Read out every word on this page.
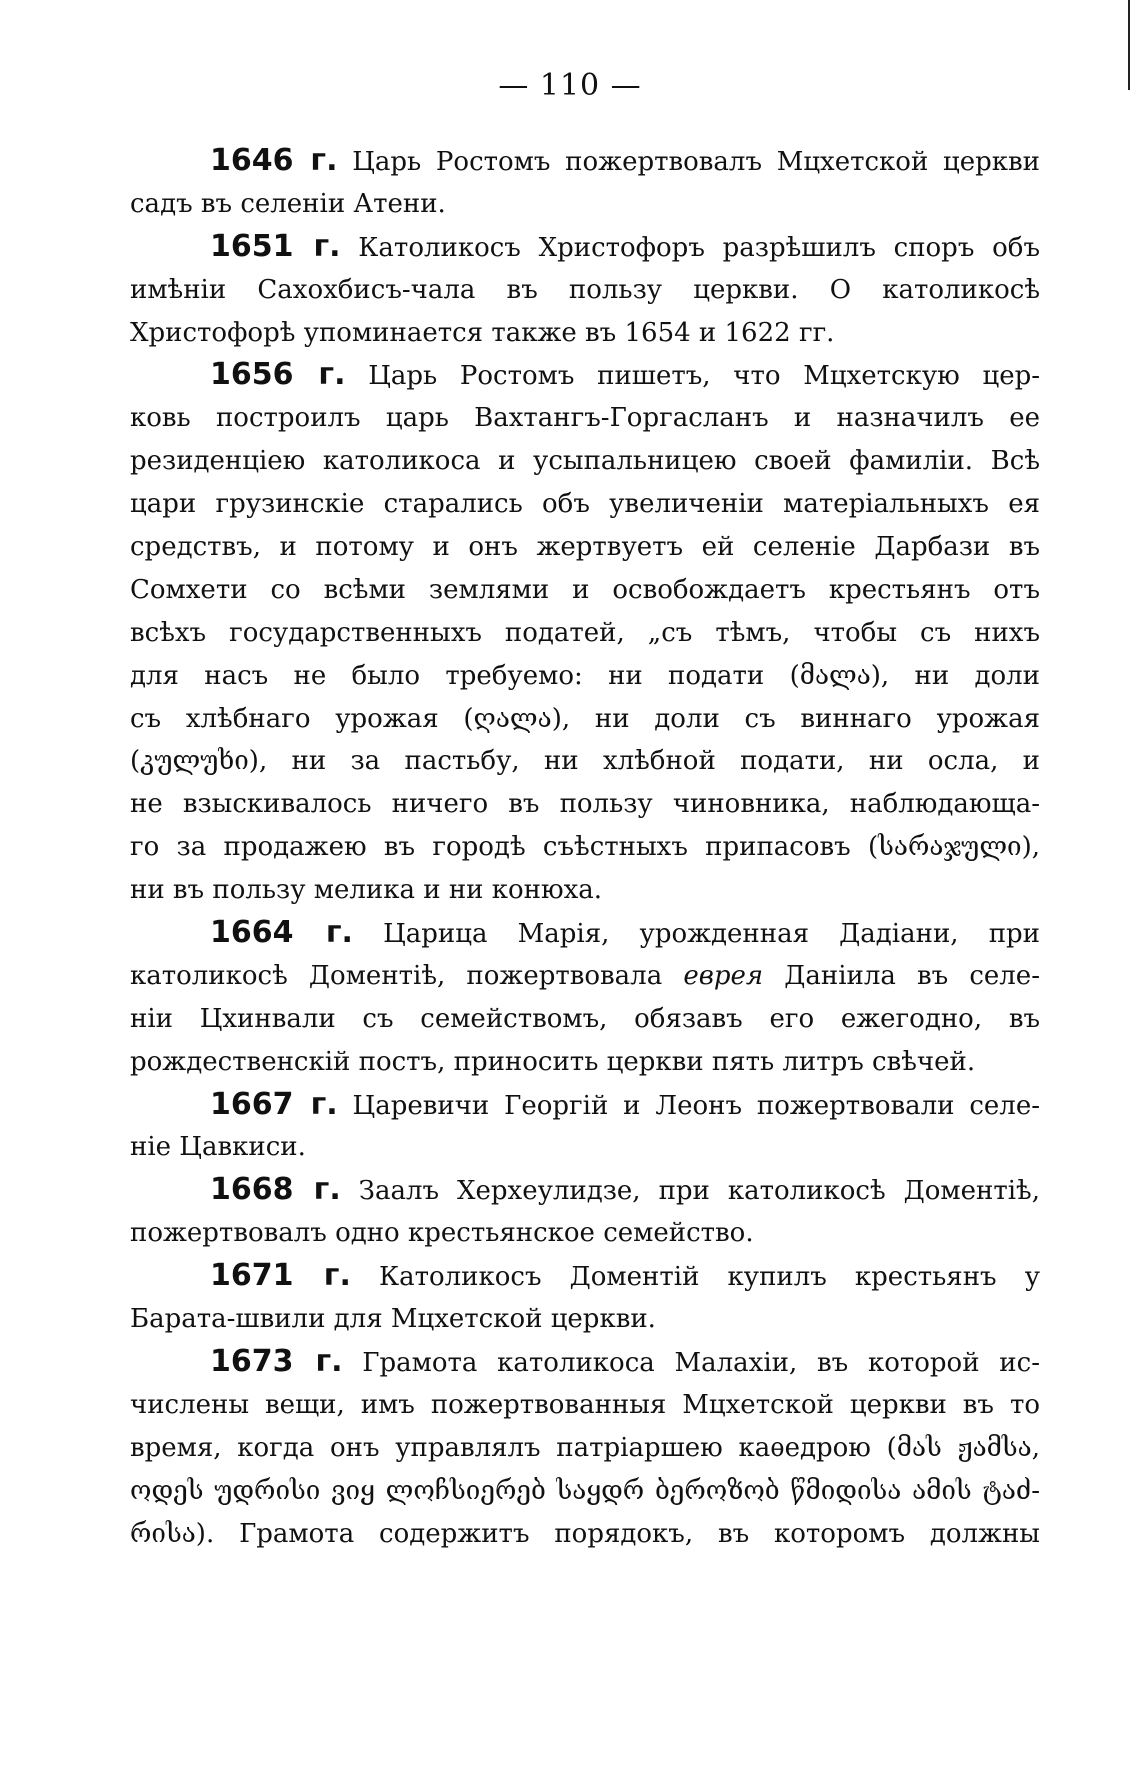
— 110 —
1646 г. Царь Ростомъ пожертвовалъ Мцхетской церкви
садъ въ селеніи Атени.
1651 г. Католикосъ Христофоръ разрѣшилъ споръ объ
имѣніи Сахохбисъ-чала въ пользу церкви. О католикосѣ
Христофорѣ упоминается также въ 1654 и 1622 гг.
1656 г. Царь Ростомъ пишетъ, что Мцхетскую цер-
ковь построилъ царь Вахтангъ-Горгасланъ и назначилъ ее
резиденціею католикоса и усыпальницею своей фамиліи. Всѣ
цари грузинскіе старались объ увеличеніи матеріальныхъ ея
средствъ, и потому и онъ жертвуетъ ей селеніе Дарбази въ
Сомхети со всѣми землями и освобождаетъ крестьянъ отъ
всѣхъ государственныхъ податей, „съ тѣмъ, чтобы съ нихъ
для насъ не было требуемо: ни подати (მალა), ни доли
съ хлѣбнаго урожая (ღალა), ни доли съ виннаго урожая
(კულუხი), ни за пастьбу, ни хлѣбной подати, ни осла, и
не взыскивалось ничего въ пользу чиновника, наблюдающа-
го за продажею въ городѣ съѣстныхъ припасовъ (სარაჯული),
ни въ пользу мелика и ни конюха.
1664 г. Царица Марія, урожденная Дадіани, при
католикосѣ Доментіѣ, пожертвовала еврея Даніила въ селе-
ніи Цхинвали съ семействомъ, обязавъ его ежегодно, въ
рождественскій постъ, приносить церкви пять литръ свѣчей.
1667 г. Царевичи Георгій и Леонъ пожертвовали селе-
ніе Цавкиси.
1668 г. Заалъ Херхеулидзе, при католикосѣ Доментіѣ,
пожертвовалъ одно крестьянское семейство.
1671 г. Католикосъ Доментій купилъ крестьянъ у
Барата-швили для Мцхетской церкви.
1673 г. Грамота католикоса Малахіи, въ которой ис-
числены вещи, имъ пожертвованныя Мцхетской церкви въ то
время, когда онъ управлялъ патріаршею каѳедрою (მას ჟამსა,
ოდეს უდრისი ვიყ ლოჩსიერებ საყდრ ბეროზობ წმიდისა ამის ტაძ-
რისა). Грамота содержитъ порядокъ, въ которомъ должны
